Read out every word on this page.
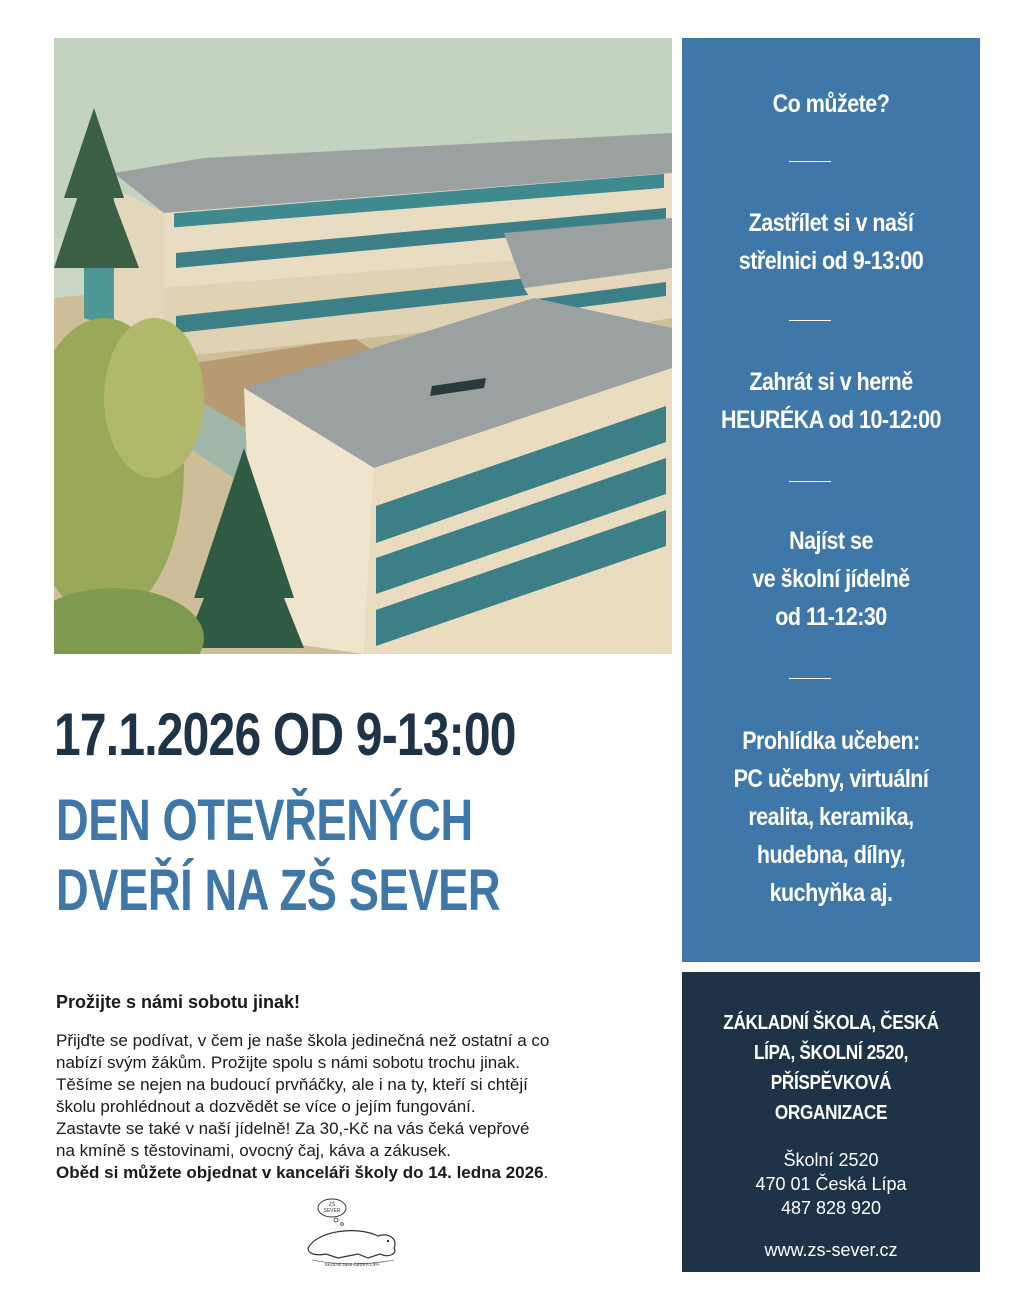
Co můžete?
Zastřílet si v naší
střelnici od 9-13:00
Zahrát si v herně
HEURÉKA od 10-12:00
Najíst se
ve školní jídelně
od 11-12:30
Prohlídka učeben:
PC učebny, virtuální
realita, keramika,
hudebna, dílny,
kuchyňka aj.
17.1.2026 OD 9-13:00
DEN OTEVŘENÝCH
DVEŘÍ NA ZŠ SEVER
Prožijte s námi sobotu jinak!
Přijďte se podívat, v čem je naše škola jedinečná než ostatní a co
nabízí svým žákům. Prožijte spolu s námi sobotu trochu jinak.
Těšíme se nejen na budoucí prvňáčky, ale i na ty, kteří si chtějí
školu prohlédnout a dozvědět se více o jejím fungování.
Zastavte se také v naší jídelně! Za 30,-Kč na vás čeká vepřové
na kmíně s těstovinami, ovocný čaj, káva a zákusek.
Oběd si můžete objednat v kanceláři školy do 14. ledna 2026.
ZŠ
SEVER
ŠKOLNÍ 2520 ČESKÁ LÍPA
ZÁKLADNÍ ŠKOLA, ČESKÁ
LÍPA, ŠKOLNÍ 2520,
PŘÍSPĚVKOVÁ
ORGANIZACE
Školní 2520
470 01 Česká Lípa
487 828 920
www.zs-sever.cz
